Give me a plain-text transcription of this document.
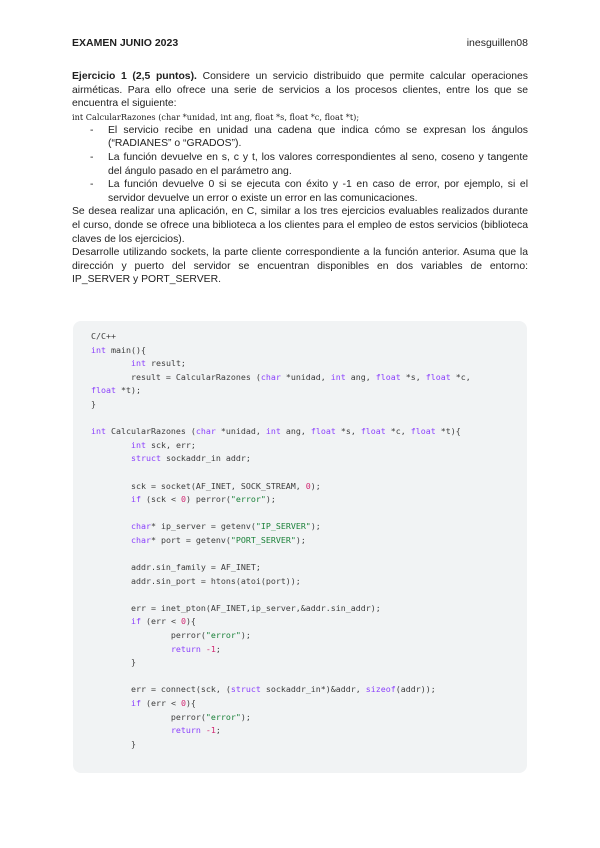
EXAMEN JUNIO 2023	inesguillen08

Ejercicio 1 (2,5 puntos). Considere un servicio distribuido que permite calcular operaciones airméticas. Para ello ofrece una serie de servicios a los procesos clientes, entre los que se encuentra el siguiente:

int CalcularRazones (char *unidad, int ang, float *s, float *c, float *t);
- El servicio recibe en unidad una cadena que indica cómo se expresan los ángulos (“RADIANES” o “GRADOS”).
- La función devuelve en s, c y t, los valores correspondientes al seno, coseno y tangente del ángulo pasado en el parámetro ang.
- La función devuelve 0 si se ejecuta con éxito y -1 en caso de error, por ejemplo, si el servidor devuelve un error o existe un error en las comunicaciones.

Se desea realizar una aplicación, en C, similar a los tres ejercicios evaluables realizados durante el curso, donde se ofrece una biblioteca a los clientes para el empleo de estos servicios (biblioteca claves de los ejercicios).

Desarrolle utilizando sockets, la parte cliente correspondiente a la función anterior. Asuma que la dirección y puerto del servidor se encuentran disponibles en dos variables de entorno: IP_SERVER y PORT_SERVER.

C/C++
int main(){
int result;
result = CalcularRazones (char *unidad, int ang, float *s, float *c,
float *t);
}

int CalcularRazones (char *unidad, int ang, float *s, float *c, float *t){
int sck, err;
struct sockaddr_in addr;

sck = socket(AF_INET, SOCK_STREAM, 0);
if (sck < 0) perror("error");

char* ip_server = getenv("IP_SERVER");
char* port = getenv("PORT_SERVER");

addr.sin_family = AF_INET;
addr.sin_port = htons(atoi(port));

err = inet_pton(AF_INET,ip_server,&addr.sin_addr);
if (err < 0){
perror("error");
return -1;
}

err = connect(sck, (struct sockaddr_in*)&addr, sizeof(addr));
if (err < 0){
perror("error");
return -1;
}
